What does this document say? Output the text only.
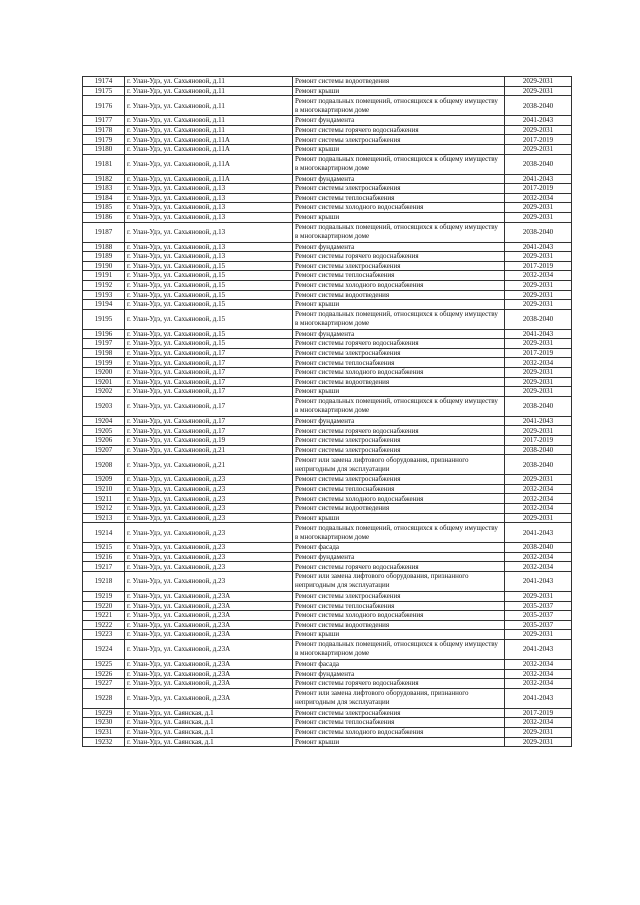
19174	г. Улан-Удэ, ул. Сахьяновой, д.11	Ремонт системы водоотведения	2029-2031
19175	г. Улан-Удэ, ул. Сахьяновой, д.11	Ремонт крыши	2029-2031
19176	г. Улан-Удэ, ул. Сахьяновой, д.11	Ремонт подвальных помещений, относящихся к общему имуществу в многоквартирном доме	2038-2040
19177	г. Улан-Удэ, ул. Сахьяновой, д.11	Ремонт фундамента	2041-2043
19178	г. Улан-Удэ, ул. Сахьяновой, д.11	Ремонт системы горячего водоснабжения	2029-2031
19179	г. Улан-Удэ, ул. Сахьяновой, д.11А	Ремонт системы электроснабжения	2017-2019
19180	г. Улан-Удэ, ул. Сахьяновой, д.11А	Ремонт крыши	2029-2031
19181	г. Улан-Удэ, ул. Сахьяновой, д.11А	Ремонт подвальных помещений, относящихся к общему имуществу в многоквартирном доме	2038-2040
19182	г. Улан-Удэ, ул. Сахьяновой, д.11А	Ремонт фундамента	2041-2043
19183	г. Улан-Удэ, ул. Сахьяновой, д.13	Ремонт системы электроснабжения	2017-2019
19184	г. Улан-Удэ, ул. Сахьяновой, д.13	Ремонт системы теплоснабжения	2032-2034
19185	г. Улан-Удэ, ул. Сахьяновой, д.13	Ремонт системы холодного водоснабжения	2029-2031
19186	г. Улан-Удэ, ул. Сахьяновой, д.13	Ремонт крыши	2029-2031
19187	г. Улан-Удэ, ул. Сахьяновой, д.13	Ремонт подвальных помещений, относящихся к общему имуществу в многоквартирном доме	2038-2040
19188	г. Улан-Удэ, ул. Сахьяновой, д.13	Ремонт фундамента	2041-2043
19189	г. Улан-Удэ, ул. Сахьяновой, д.13	Ремонт системы горячего водоснабжения	2029-2031
19190	г. Улан-Удэ, ул. Сахьяновой, д.15	Ремонт системы электроснабжения	2017-2019
19191	г. Улан-Удэ, ул. Сахьяновой, д.15	Ремонт системы теплоснабжения	2032-2034
19192	г. Улан-Удэ, ул. Сахьяновой, д.15	Ремонт системы холодного водоснабжения	2029-2031
19193	г. Улан-Удэ, ул. Сахьяновой, д.15	Ремонт системы водоотведения	2029-2031
19194	г. Улан-Удэ, ул. Сахьяновой, д.15	Ремонт крыши	2029-2031
19195	г. Улан-Удэ, ул. Сахьяновой, д.15	Ремонт подвальных помещений, относящихся к общему имуществу в многоквартирном доме	2038-2040
19196	г. Улан-Удэ, ул. Сахьяновой, д.15	Ремонт фундамента	2041-2043
19197	г. Улан-Удэ, ул. Сахьяновой, д.15	Ремонт системы горячего водоснабжения	2029-2031
19198	г. Улан-Удэ, ул. Сахьяновой, д.17	Ремонт системы электроснабжения	2017-2019
19199	г. Улан-Удэ, ул. Сахьяновой, д.17	Ремонт системы теплоснабжения	2032-2034
19200	г. Улан-Удэ, ул. Сахьяновой, д.17	Ремонт системы холодного водоснабжения	2029-2031
19201	г. Улан-Удэ, ул. Сахьяновой, д.17	Ремонт системы водоотведения	2029-2031
19202	г. Улан-Удэ, ул. Сахьяновой, д.17	Ремонт крыши	2029-2031
19203	г. Улан-Удэ, ул. Сахьяновой, д.17	Ремонт подвальных помещений, относящихся к общему имуществу в многоквартирном доме	2038-2040
19204	г. Улан-Удэ, ул. Сахьяновой, д.17	Ремонт фундамента	2041-2043
19205	г. Улан-Удэ, ул. Сахьяновой, д.17	Ремонт системы горячего водоснабжения	2029-2031
19206	г. Улан-Удэ, ул. Сахьяновой, д.19	Ремонт системы электроснабжения	2017-2019
19207	г. Улан-Удэ, ул. Сахьяновой, д.21	Ремонт системы электроснабжения	2038-2040
19208	г. Улан-Удэ, ул. Сахьяновой, д.21	Ремонт или замена лифтового оборудования, признанного непригодным для эксплуатации	2038-2040
19209	г. Улан-Удэ, ул. Сахьяновой, д.23	Ремонт системы электроснабжения	2029-2031
19210	г. Улан-Удэ, ул. Сахьяновой, д.23	Ремонт системы теплоснабжения	2032-2034
19211	г. Улан-Удэ, ул. Сахьяновой, д.23	Ремонт системы холодного водоснабжения	2032-2034
19212	г. Улан-Удэ, ул. Сахьяновой, д.23	Ремонт системы водоотведения	2032-2034
19213	г. Улан-Удэ, ул. Сахьяновой, д.23	Ремонт крыши	2029-2031
19214	г. Улан-Удэ, ул. Сахьяновой, д.23	Ремонт подвальных помещений, относящихся к общему имуществу в многоквартирном доме	2041-2043
19215	г. Улан-Удэ, ул. Сахьяновой, д.23	Ремонт фасада	2038-2040
19216	г. Улан-Удэ, ул. Сахьяновой, д.23	Ремонт фундамента	2032-2034
19217	г. Улан-Удэ, ул. Сахьяновой, д.23	Ремонт системы горячего водоснабжения	2032-2034
19218	г. Улан-Удэ, ул. Сахьяновой, д.23	Ремонт или замена лифтового оборудования, признанного непригодным для эксплуатации	2041-2043
19219	г. Улан-Удэ, ул. Сахьяновой, д.23А	Ремонт системы электроснабжения	2029-2031
19220	г. Улан-Удэ, ул. Сахьяновой, д.23А	Ремонт системы теплоснабжения	2035-2037
19221	г. Улан-Удэ, ул. Сахьяновой, д.23А	Ремонт системы холодного водоснабжения	2035-2037
19222	г. Улан-Удэ, ул. Сахьяновой, д.23А	Ремонт системы водоотведения	2035-2037
19223	г. Улан-Удэ, ул. Сахьяновой, д.23А	Ремонт крыши	2029-2031
19224	г. Улан-Удэ, ул. Сахьяновой, д.23А	Ремонт подвальных помещений, относящихся к общему имуществу в многоквартирном доме	2041-2043
19225	г. Улан-Удэ, ул. Сахьяновой, д.23А	Ремонт фасада	2032-2034
19226	г. Улан-Удэ, ул. Сахьяновой, д.23А	Ремонт фундамента	2032-2034
19227	г. Улан-Удэ, ул. Сахьяновой, д.23А	Ремонт системы горячего водоснабжения	2032-2034
19228	г. Улан-Удэ, ул. Сахьяновой, д.23А	Ремонт или замена лифтового оборудования, признанного непригодным для эксплуатации	2041-2043
19229	г. Улан-Удэ, ул. Саянская, д.1	Ремонт системы электроснабжения	2017-2019
19230	г. Улан-Удэ, ул. Саянская, д.1	Ремонт системы теплоснабжения	2032-2034
19231	г. Улан-Удэ, ул. Саянская, д.1	Ремонт системы холодного водоснабжения	2029-2031
19232	г. Улан-Удэ, ул. Саянская, д.1	Ремонт крыши	2029-2031
